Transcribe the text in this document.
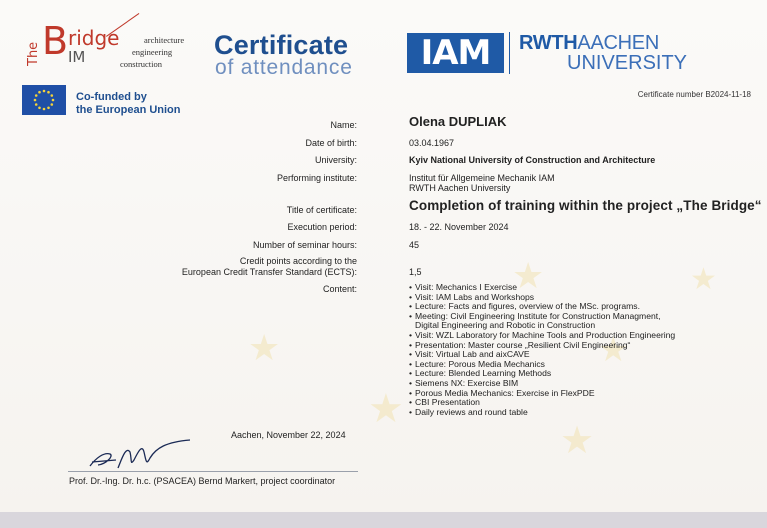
★
★
★
★
★
★
The B ridge
IM
architecture
engineering
construction
Certificate
of attendance	IAM	RWTHAACHEN
UNIVERSITY
Co-funded by
the European Union
Certificate number B2024-11-18
Name:	Olena DUPLIAK
Date of birth:	03.04.1967
University:	Kyiv National University of Construction and Architecture
Performing institute:	Institut für Allgemeine Mechanik IAM
RWTH Aachen University
Title of certificate:	Completion of training within the project „The Bridge“
Execution period:	18. - 22. November 2024
Number of seminar hours:	45
Credit points according to the
European Credit Transfer Standard (ECTS):	1,5
Content:	• Visit: Mechanics I Exercise
• Visit: IAM Labs and Workshops
• Lecture: Facts and figures, overview of the MSc. programs.
• Meeting: Civil Engineering Institute for Construction Managment,
Digital Engineering and Robotic in Construction
• Visit: WZL Laboratory for Machine Tools and Production Engineering
• Presentation: Master course „Resilient Civil Engineering“
• Visit: Virtual Lab and aixCAVE
• Lecture: Porous Media Mechanics
• Lecture: Blended Learning Methods
• Siemens NX: Exercise BIM
• Porous Media Mechanics: Exercise in FlexPDE
• CBI Presentation
• Daily reviews and round table
Aachen, November 22, 2024
Prof. Dr.-Ing. Dr. h.c. (PSACEA) Bernd Markert, project coordinator
